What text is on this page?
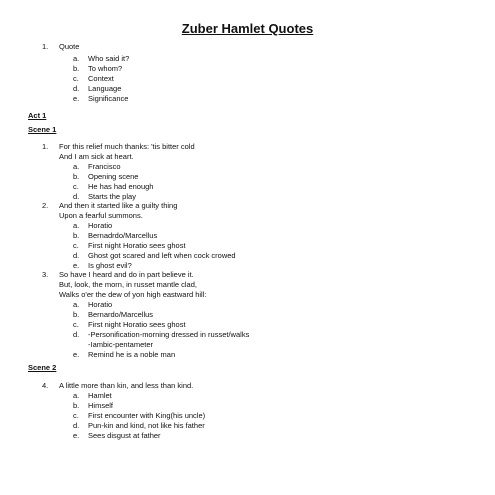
Zuber Hamlet Quotes
1. Quote
a. Who said it?
b. To whom?
c. Context
d. Language
e. Significance
Act 1
Scene 1
1. For this relief much thanks: 'tis bitter cold
And I am sick at heart.
a. Francisco
b. Opening scene
c. He has had enough
d. Starts the play
2. And then it started like a guilty thing
Upon a fearful summons.
a. Horatio
b. Bernadrdo/Marcellus
c. First night Horatio sees ghost
d. Ghost got scared and left when cock crowed
e. Is ghost evil?
3. So have I heard and do in part believe it.
But, look, the morn, in russet mantle clad,
Walks o'er the dew of yon high eastward hill:
a. Horatio
b. Bernardo/Marcellus
c. First night Horatio sees ghost
d. -Personification-morning dressed in russet/walks
-Iambic-pentameter
e. Remind he is a noble man
Scene 2
4. A little more than kin, and less than kind.
a. Hamlet
b. Himself
c. First encounter with King(his uncle)
d. Pun-kin and kind, not like his father
e. Sees disgust at father
